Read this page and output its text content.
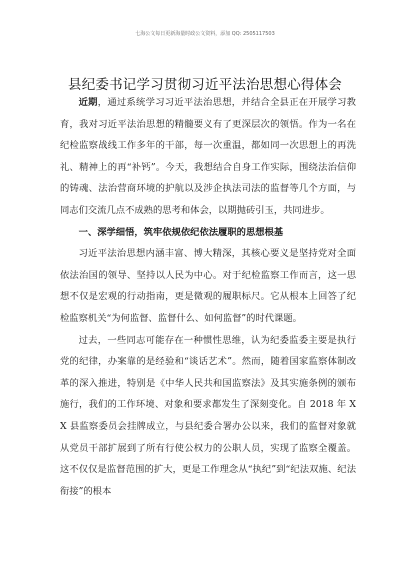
七海公文每日更新海量时政公文资料，添加 QQ: 2505117503
县纪委书记学习贯彻习近平法治思想心得体会

近期，通过系统学习习近平法治思想，并结合全县正在开展学习教育，我对习近平法治思想的精髓要义有了更深层次的领悟。作为一名在纪检监察战线工作多年的干部，每一次重温，都如同一次思想上的再洗礼、精神上的再“补钙”。今天，我想结合自身工作实际，围绕法治信仰的铸魂、法治营商环境的护航以及涉企执法司法的监督等几个方面，与同志们交流几点不成熟的思考和体会，以期抛砖引玉，共同进步。

一、深学细悟，筑牢依规依纪依法履职的思想根基

习近平法治思想内涵丰富、博大精深，其核心要义是坚持党对全面依法治国的领导、坚持以人民为中心。对于纪检监察工作而言，这一思想不仅是宏观的行动指南，更是微观的履职标尺。它从根本上回答了纪检监察机关“为何监督、监督什么、如何监督”的时代课题。

过去，一些同志可能存在一种惯性思维，认为纪委监委主要是执行党的纪律，办案靠的是经验和“谈话艺术”。然而，随着国家监察体制改革的深入推进，特别是《中华人民共和国监察法》及其实施条例的颁布施行，我们的工作环境、对象和要求都发生了深刻变化。自 2018 年 XX 县监察委员会挂牌成立，与县纪委合署办公以来，我们的监督对象就从党员干部扩展到了所有行使公权力的公职人员，实现了监察全覆盖。这不仅仅是监督范围的扩大，更是工作理念从“执纪”到“纪法双施、纪法衔接”的根本
